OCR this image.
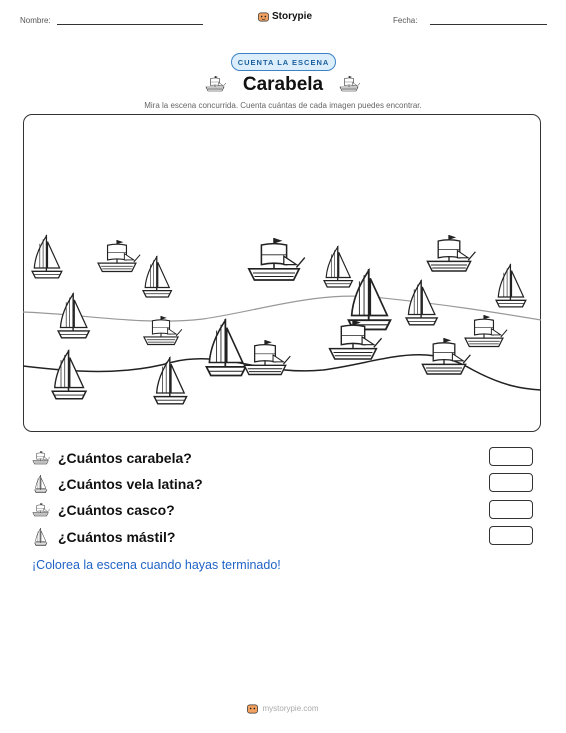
Nombre:	Storypie	Fecha:
CUENTA LA ESCENA
Carabela
Mira la escena concurrida. Cuenta cuántas de cada imagen puedes encontrar.
¿Cuántos carabela?
¿Cuántos vela latina?
¿Cuántos casco?
¿Cuántos mástil?
¡Colorea la escena cuando hayas terminado!
mystorypie.com
